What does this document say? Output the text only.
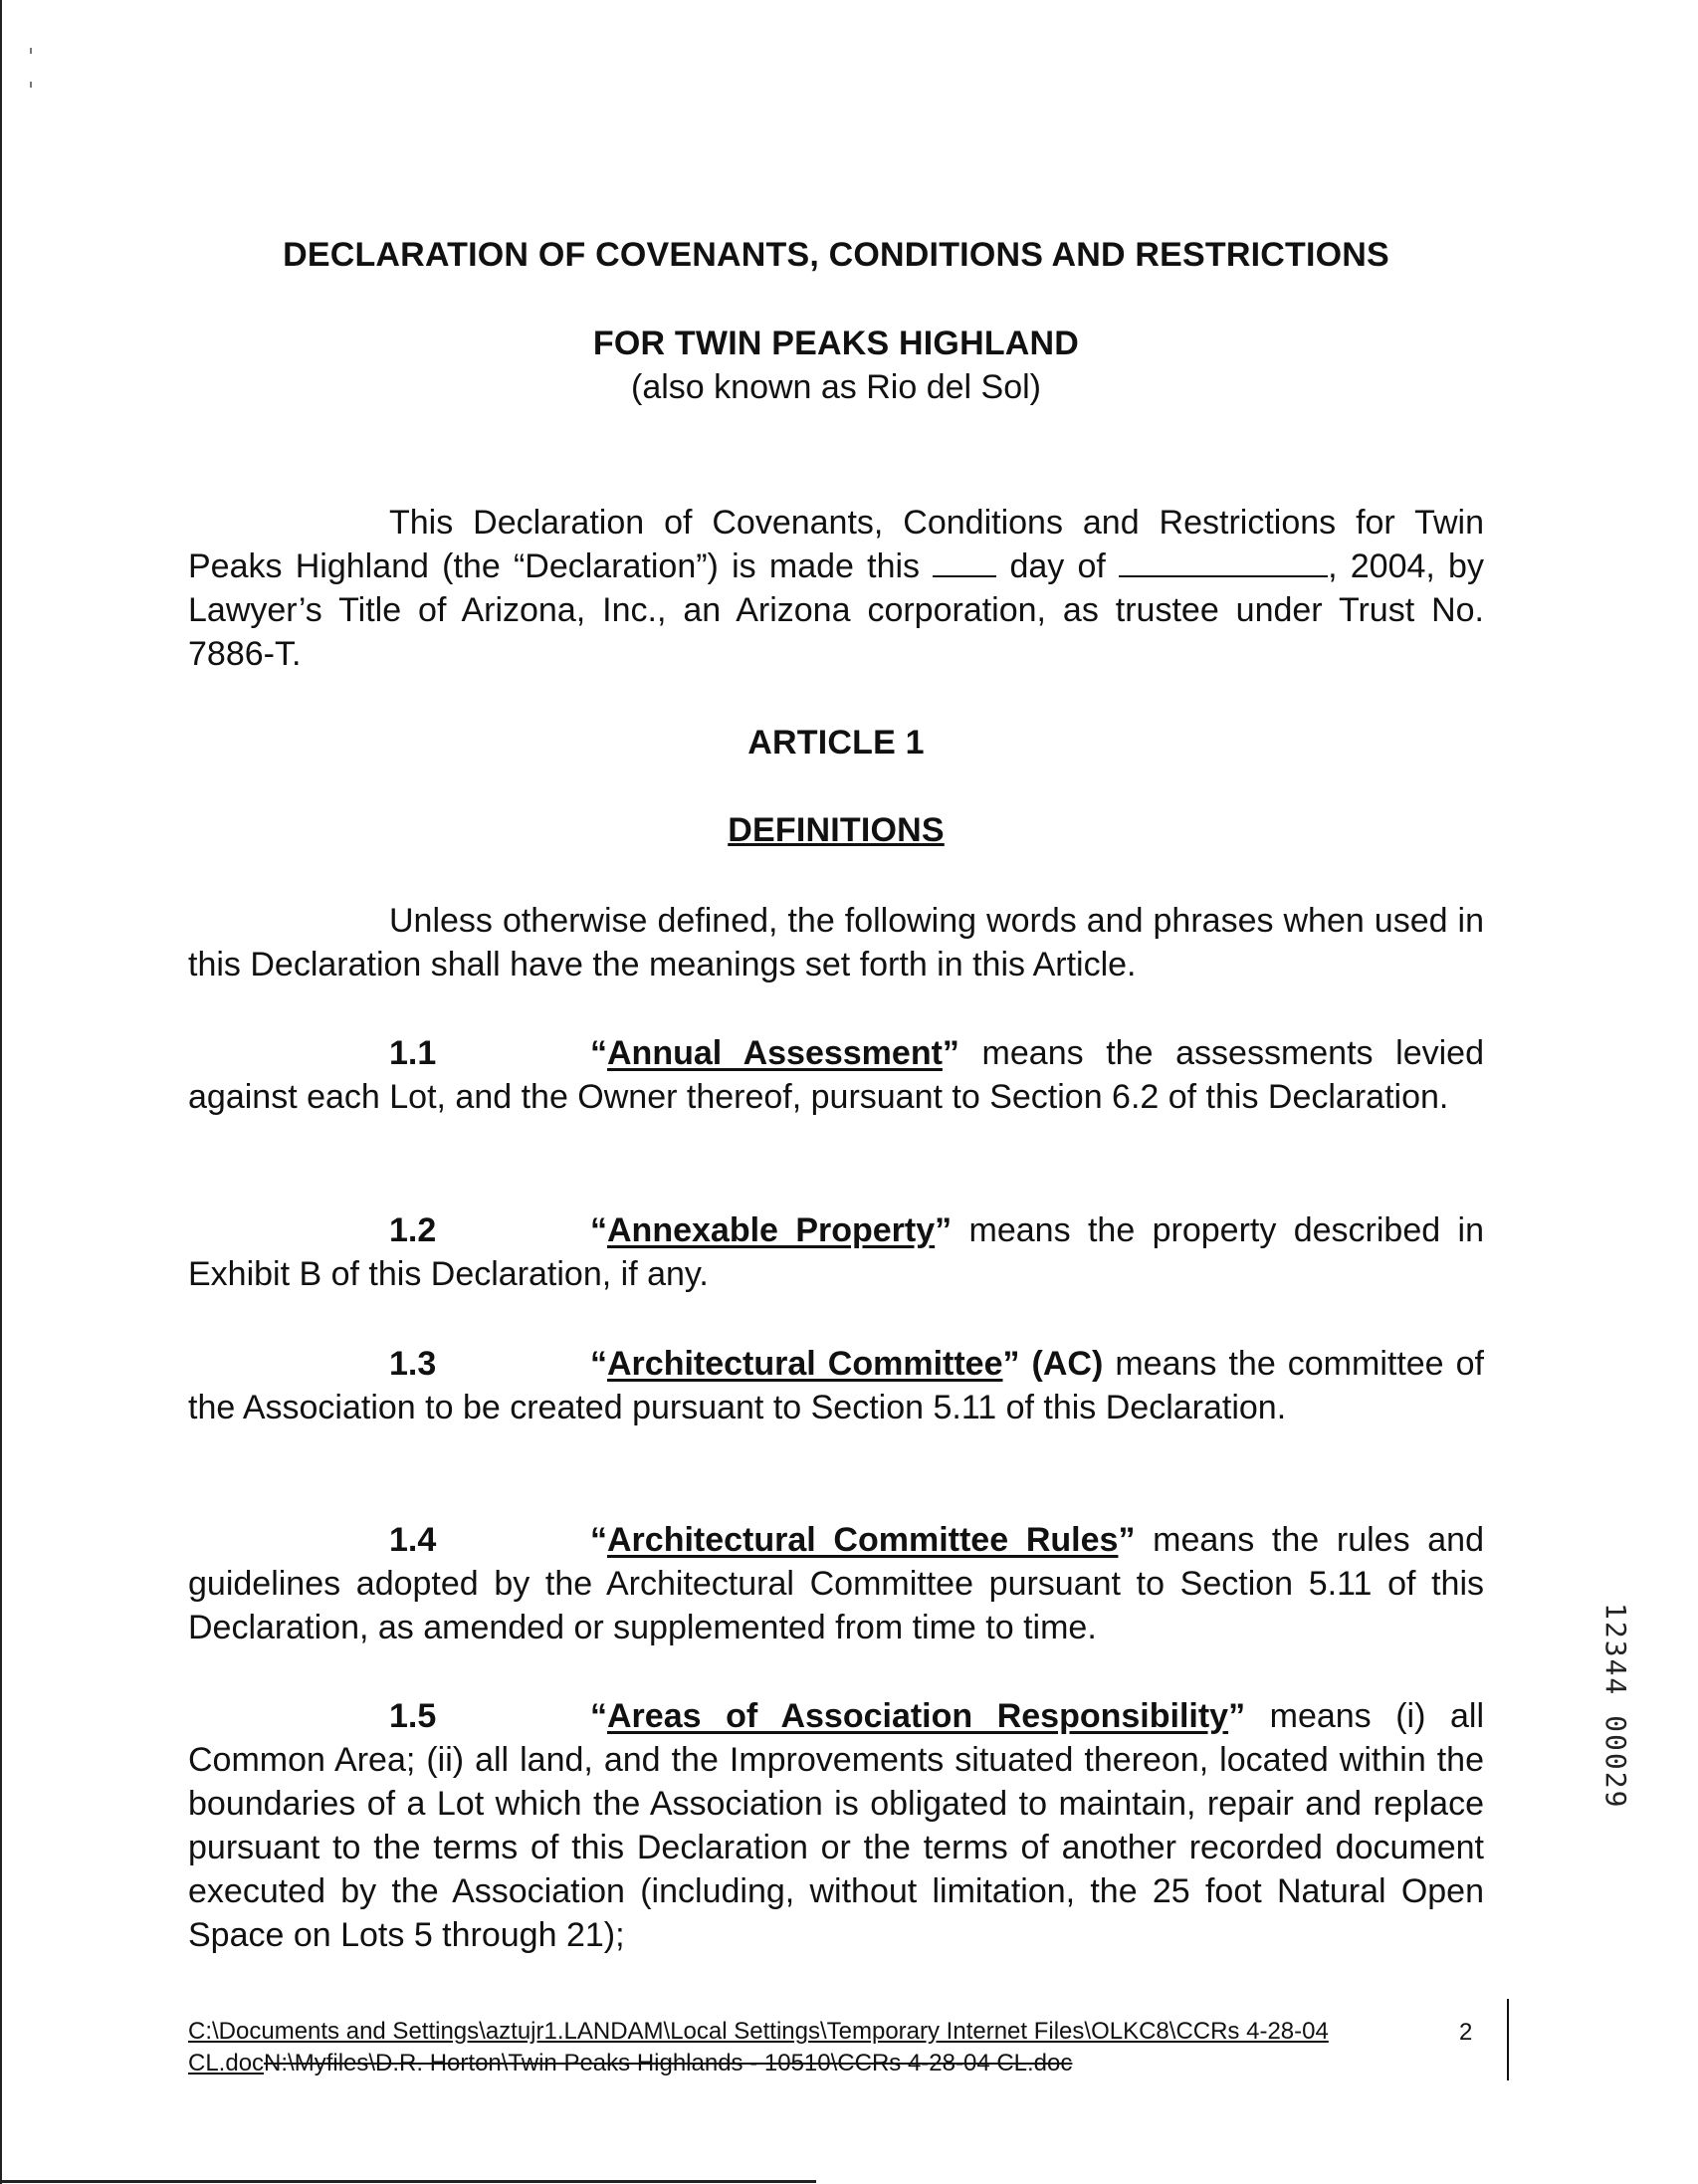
DECLARATION OF COVENANTS, CONDITIONS AND RESTRICTIONS
FOR TWIN PEAKS HIGHLAND
(also known as Rio del Sol)
This Declaration of Covenants, Conditions and Restrictions for Twin Peaks Highland (the “Declaration”) is made this	day of	, 2004, by Lawyer’s Title of Arizona, Inc., an Arizona corporation, as trustee under Trust No. 7886-T.
ARTICLE 1
DEFINITIONS
Unless otherwise defined, the following words and phrases when used in this Declaration shall have the meanings set forth in this Article.
1.1	“Annual Assessment” means the assessments levied against each Lot, and the Owner thereof, pursuant to Section 6.2 of this Declaration.
1.2	“Annexable Property” means the property described in Exhibit B of this Declaration, if any.
1.3	“Architectural Committee” (AC) means the committee of the Association to be created pursuant to Section 5.11 of this Declaration.
1.4	“Architectural Committee Rules” means the rules and guidelines adopted by the Architectural Committee pursuant to Section 5.11 of this Declaration, as amended or supplemented from time to time.
1.5	“Areas of Association Responsibility” means (i) all Common Area; (ii) all land, and the Improvements situated thereon, located within the boundaries of a Lot which the Association is obligated to maintain, repair and replace pursuant to the terms of this Declaration or the terms of another recorded document executed by the Association (including, without limitation, the 25 foot Natural Open Space on Lots 5 through 21);
C:\Documents and Settings\aztujr1.LANDAM\Local Settings\Temporary Internet Files\OLKC8\CCRs 4-28-04 CL.docN:\Myfiles\D.R. Horton\Twin Peaks Highlands - 10510\CCRs 4-28-04 CL.doc
2
12344 00029
